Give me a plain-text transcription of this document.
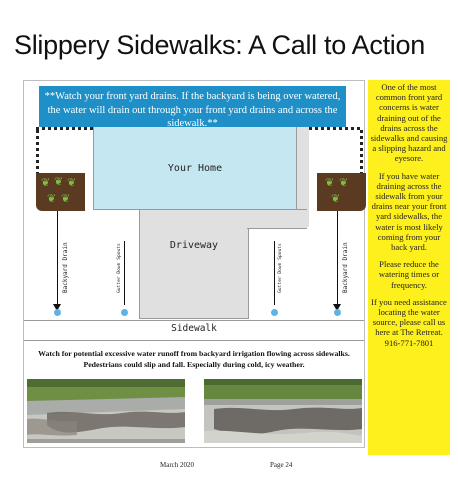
Slippery Sidewalks: A Call to Action
**Watch your front yard drains. If the backyard is being over watered, the water will drain out through your front yard drains and across the sidewalk.**
Your Home
❦ ❦ ❦
❦ ❦
❦ ❦
❦
Driveway
Backyard Drain	Gutter Down Spouts	Gutter Down Spouts	Backyard Drain
Sidewalk
Watch for potential excessive water runoff from backyard irrigation flowing across sidewalks.
Pedestrians could slip and fall. Especially during cold, icy weather.

One of the most common front yard concerns is water draining out of the drains across the sidewalks and causing a slipping hazard and eyesore.

If you have water draining across the sidewalk from your drains near your front yard sidewalks, the water is most likely coming from your back yard.

Please reduce the watering times or frequency.

If you need assistance locating the water source, please call us here at The Retreat.

916-771-7801
March 2020	Page 24
